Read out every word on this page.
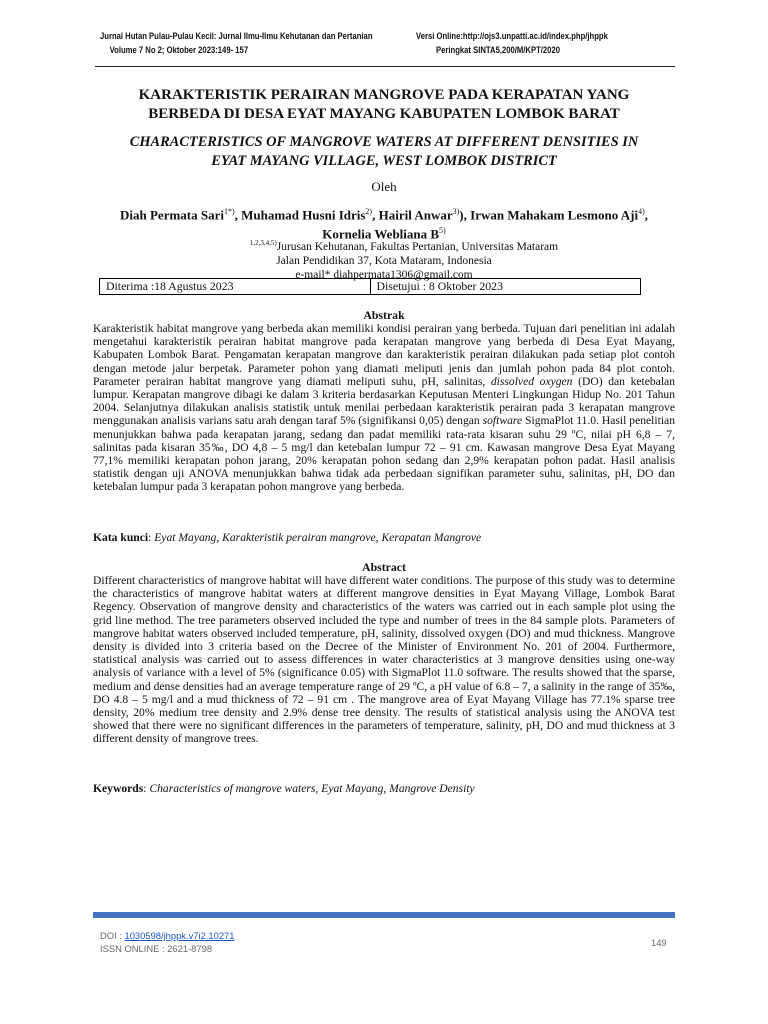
Jurnal Hutan Pulau-Pulau Kecil: Jurnal Ilmu-Ilmu Kehutanan dan Pertanian	Versi Online:http://ojs3.unpatti.ac.id/index.php/jhppk
Volume 7 No 2; Oktober 2023:149- 157	Peringkat SINTA5,200/M/KPT/2020
KARAKTERISTIK PERAIRAN MANGROVE PADA KERAPATAN YANG
BERBEDA DI DESA EYAT MAYANG KABUPATEN LOMBOK BARAT
CHARACTERISTICS OF MANGROVE WATERS AT DIFFERENT DENSITIES IN
EYAT MAYANG VILLAGE, WEST LOMBOK DISTRICT
Oleh
Diah Permata Sari$^{1*)}$, Muhamad Husni Idris$^{2)}$, Hairil Anwar$^{3)}$), Irwan Mahakam Lesmono Aji$^{4)}$,
Kornelia Webliana $B^{5)}$
$^{1,2,3,4,5)}$Jurusan Kehutanan, Fakultas Pertanian, Universitas Mataram
Jalan Pendidikan 37, Kota Mataram, Indonesia
e-mail* diahpermata1306@gmail.com
Diterima :18 Agustus 2023	Disetujui : 8 Oktober 2023
Abstrak
Karakteristik habitat mangrove yang berbeda akan memiliki kondisi perairan yang berbeda. Tujuan dari penelitian ini adalah mengetahui karakteristik perairan habitat mangrove pada kerapatan mangrove yang berbeda di Desa Eyat Mayang, Kabupaten Lombok Barat. Pengamatan kerapatan mangrove dan karakteristik perairan dilakukan pada setiap plot contoh dengan metode jalur berpetak. Parameter pohon yang diamati meliputi jenis dan jumlah pohon pada 84 plot contoh. Parameter perairan habitat mangrove yang diamati meliputi suhu, pH, salinitas, dissolved oxygen (DO) dan ketebalan lumpur. Kerapatan mangrove dibagi ke dalam 3 kriteria berdasarkan Keputusan Menteri Lingkungan Hidup No. 201 Tahun 2004. Selanjutnya dilakukan analisis statistik untuk menilai perbedaan karakteristik perairan pada 3 kerapatan mangrove menggunakan analisis varians satu arah dengan taraf 5% (signifikansi 0,05) dengan software SigmaPlot 11.0. Hasil penelitian menunjukkan bahwa pada kerapatan jarang, sedang dan padat memiliki rata-rata kisaran suhu 29 ºC, nilai pH 6,8 – 7, salinitas pada kisaran 35‰, DO 4,8 – 5 mg/l dan ketebalan lumpur 72 – 91 cm. Kawasan mangrove Desa Eyat Mayang 77,1% memiliki kerapatan pohon jarang, 20% kerapatan pohon sedang dan 2,9% kerapatan pohon padat. Hasil analisis statistik dengan uji ANOVA menunjukkan bahwa tidak ada perbedaan signifikan parameter suhu, salinitas, pH, DO dan ketebalan lumpur pada 3 kerapatan pohon mangrove yang berbeda.
Kata kunci: Eyat Mayang, Karakteristik perairan mangrove, Kerapatan Mangrove
Abstract
Different characteristics of mangrove habitat will have different water conditions. The purpose of this study was to determine the characteristics of mangrove habitat waters at different mangrove densities in Eyat Mayang Village, Lombok Barat Regency. Observation of mangrove density and characteristics of the waters was carried out in each sample plot using the grid line method. The tree parameters observed included the type and number of trees in the 84 sample plots. Parameters of mangrove habitat waters observed included temperature, pH, salinity, dissolved oxygen (DO) and mud thickness. Mangrove density is divided into 3 criteria based on the Decree of the Minister of Environment No. 201 of 2004. Furthermore, statistical analysis was carried out to assess differences in water characteristics at 3 mangrove densities using one-way analysis of variance with a level of 5% (significance 0.05) with SigmaPlot 11.0 software. The results showed that the sparse, medium and dense densities had an average temperature range of 29 ºC, a pH value of 6.8 – 7, a salinity in the range of 35‰, DO 4.8 – 5 mg/l and a mud thickness of 72 – 91 cm . The mangrove area of Eyat Mayang Village has 77.1% sparse tree density, 20% medium tree density and 2.9% dense tree density. The results of statistical analysis using the ANOVA test showed that there were no significant differences in the parameters of temperature, salinity, pH, DO and mud thickness at 3 different density of mangrove trees.
Keywords: Characteristics of mangrove waters, Eyat Mayang, Mangrove Density
DOI : 1030598/jhppk.v7i2.10271
ISSN ONLINE : 2621-8798
149
